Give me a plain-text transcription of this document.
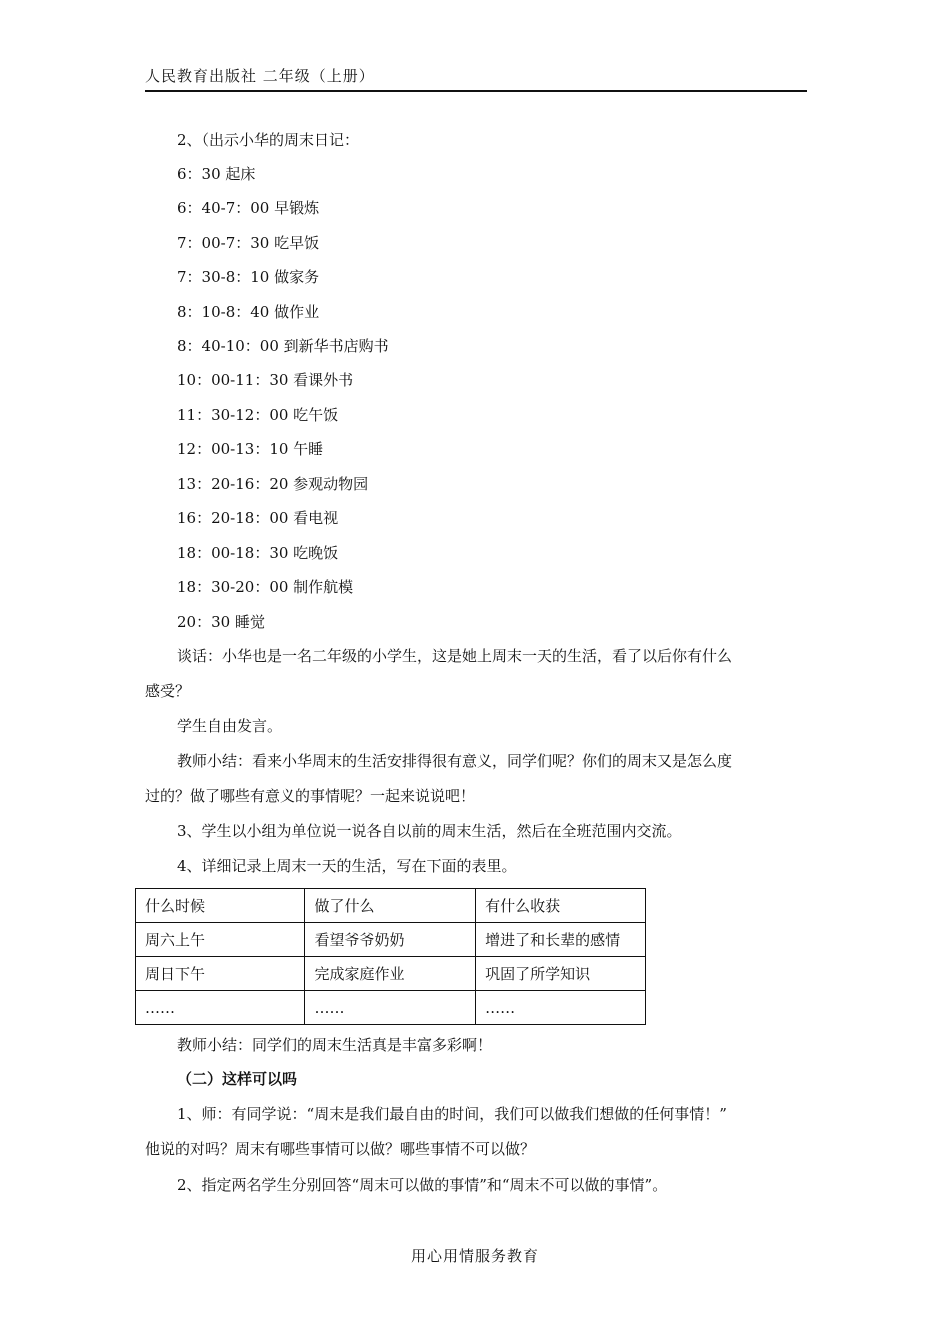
人民教育出版社 二年级（上册）
2、（出示小华的周末日记：
6：30 起床
6：40-7：00 早锻炼
7：00-7：30 吃早饭
7：30-8：10 做家务
8：10-8：40 做作业
8：40-10：00 到新华书店购书
10：00-11：30 看课外书
11：30-12：00 吃午饭
12：00-13：10 午睡
13：20-16：20 参观动物园
16：20-18：00 看电视
18：00-18：30 吃晚饭
18：30-20：00 制作航模
20：30 睡觉
谈话：小华也是一名二年级的小学生，这是她上周末一天的生活，看了以后你有什么
感受？
学生自由发言。
教师小结：看来小华周末的生活安排得很有意义，同学们呢？你们的周末又是怎么度
过的？做了哪些有意义的事情呢？一起来说说吧！
3、学生以小组为单位说一说各自以前的周末生活，然后在全班范围内交流。
4、详细记录上周末一天的生活，写在下面的表里。
什么时候	做了什么	有什么收获
周六上午	看望爷爷奶奶	增进了和长辈的感情
周日下午	完成家庭作业	巩固了所学知识
……	……	……
教师小结：同学们的周末生活真是丰富多彩啊！
（二）这样可以吗
1、师：有同学说：“周末是我们最自由的时间，我们可以做我们想做的任何事情！”
他说的对吗？周末有哪些事情可以做？哪些事情不可以做？
2、指定两名学生分别回答“周末可以做的事情”和“周末不可以做的事情”。
用心用情服务教育
